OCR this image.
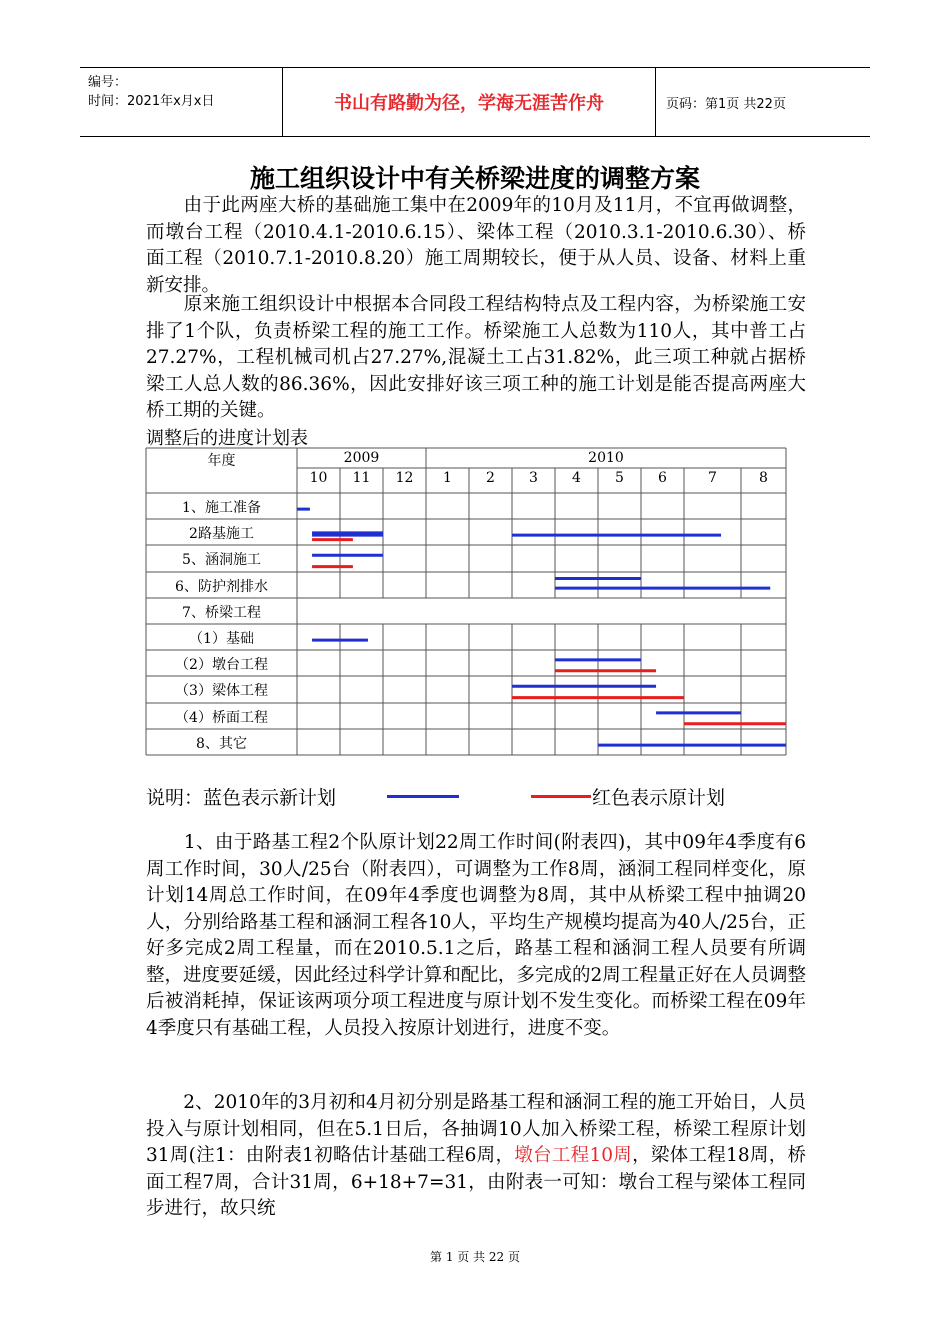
编号：
时间：2021年x月x日	书山有路勤为径，学海无涯苦作舟	页码：第1页 共22页
施工组织设计中有关桥梁进度的调整方案
　　由于此两座大桥的基础施工集中在2009年的10月及11月，不宜再做调整，而墩台工程（2010.4.1-2010.6.15）、梁体工程（2010.3.1-2010.6.30）、桥面工程（2010.7.1-2010.8.20）施工周期较长，便于从人员、设备、材料上重新安排。
　　原来施工组织设计中根据本合同段工程结构特点及工程内容，为桥梁施工安排了1个队，负责桥梁工程的施工工作。桥梁施工人总数为110人，其中普工占27.27%，工程机械司机占27.27%,混凝土工占31.82%，此三项工种就占据桥梁工人总人数的86.36%，因此安排好该三项工种的施工计划是能否提高两座大桥工期的关键。
调整后的进度计划表
年度	2009	2010
10	11	12	1	2	3	4	5	6	7	8
1、施工准备
2路基施工
5、涵洞施工
6、防护剂排水
7、桥梁工程
（1）基础
（2）墩台工程
（3）梁体工程
（4）桥面工程
8、其它
说明：蓝色表示新计划	红色表示原计划
　　1、由于路基工程2个队原计划22周工作时间(附表四)，其中09年4季度有6周工作时间，30人/25台（附表四），可调整为工作8周，涵洞工程同样变化，原计划14周总工作时间，在09年4季度也调整为8周，其中从桥梁工程中抽调20人，分别给路基工程和涵洞工程各10人，平均生产规模均提高为40人/25台，正好多完成2周工程量，而在2010.5.1之后，路基工程和涵洞工程人员要有所调整，进度要延缓，因此经过科学计算和配比，多完成的2周工程量正好在人员调整后被消耗掉，保证该两项分项工程进度与原计划不发生变化。而桥梁工程在09年4季度只有基础工程，人员投入按原计划进行，进度不变。
　　2、2010年的3月初和4月初分别是路基工程和涵洞工程的施工开始日，人员投入与原计划相同，但在5.1日后，各抽调10人加入桥梁工程，桥梁工程原计划31周(注1：由附表1初略估计基础工程6周，墩台工程10周，梁体工程18周，桥面工程7周，合计31周，6+18+7=31，由附表一可知：墩台工程与梁体工程同步进行，故只统
第 1 页 共 22 页
